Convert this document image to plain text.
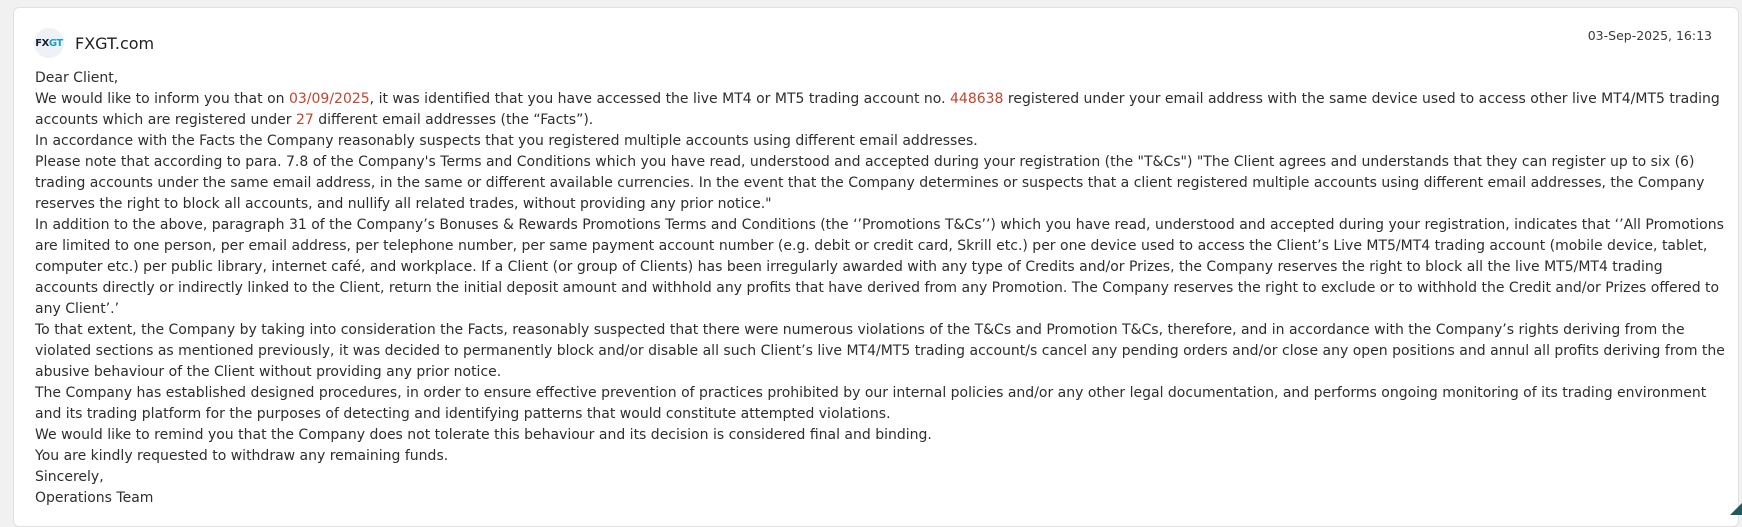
FX GT FXGT.com	03-Sep-2025, 16:13

Dear Client,

We would like to inform you that on 03/09/2025, it was identified that you have accessed the live MT4 or MT5 trading account no. 448638 registered under your email address with the same device used to access other live MT4/MT5 trading accounts which are registered under 27 different email addresses (the “Facts”).

In accordance with the Facts the Company reasonably suspects that you registered multiple accounts using different email addresses.

Please note that according to para. 7.8 of the Company's Terms and Conditions which you have read, understood and accepted during your registration (the "T&Cs") "The Client agrees and understands that they can register up to six (6) trading accounts under the same email address, in the same or different available currencies. In the event that the Company determines or suspects that a client registered multiple accounts using different email addresses, the Company reserves the right to block all accounts, and nullify all related trades, without providing any prior notice."

In addition to the above, paragraph 31 of the Company’s Bonuses & Rewards Promotions Terms and Conditions (the ‘’Promotions T&Cs’’) which you have read, understood and accepted during your registration, indicates that ‘’All Promotions are limited to one person, per email address, per telephone number, per same payment account number (e.g. debit or credit card, Skrill etc.) per one device used to access the Client’s Live MT5/MT4 trading account (mobile device, tablet, computer etc.) per public library, internet café, and workplace. If a Client (or group of Clients) has been irregularly awarded with any type of Credits and/or Prizes, the Company reserves the right to block all the live MT5/MT4 trading accounts directly or indirectly linked to the Client, return the initial deposit amount and withhold any profits that have derived from any Promotion. The Company reserves the right to exclude or to withhold the Credit and/or Prizes offered to any Client’.’

To that extent, the Company by taking into consideration the Facts, reasonably suspected that there were numerous violations of the T&Cs and Promotion T&Cs, therefore, and in accordance with the Company’s rights deriving from the violated sections as mentioned previously, it was decided to permanently block and/or disable all such Client’s live MT4/MT5 trading account/s cancel any pending orders and/or close any open positions and annul all profits deriving from the abusive behaviour of the Client without providing any prior notice.

The Company has established designed procedures, in order to ensure effective prevention of practices prohibited by our internal policies and/or any other legal documentation, and performs ongoing monitoring of its trading environment and its trading platform for the purposes of detecting and identifying patterns that would constitute attempted violations.

We would like to remind you that the Company does not tolerate this behaviour and its decision is considered final and binding.

You are kindly requested to withdraw any remaining funds.

Sincerely,

Operations Team
